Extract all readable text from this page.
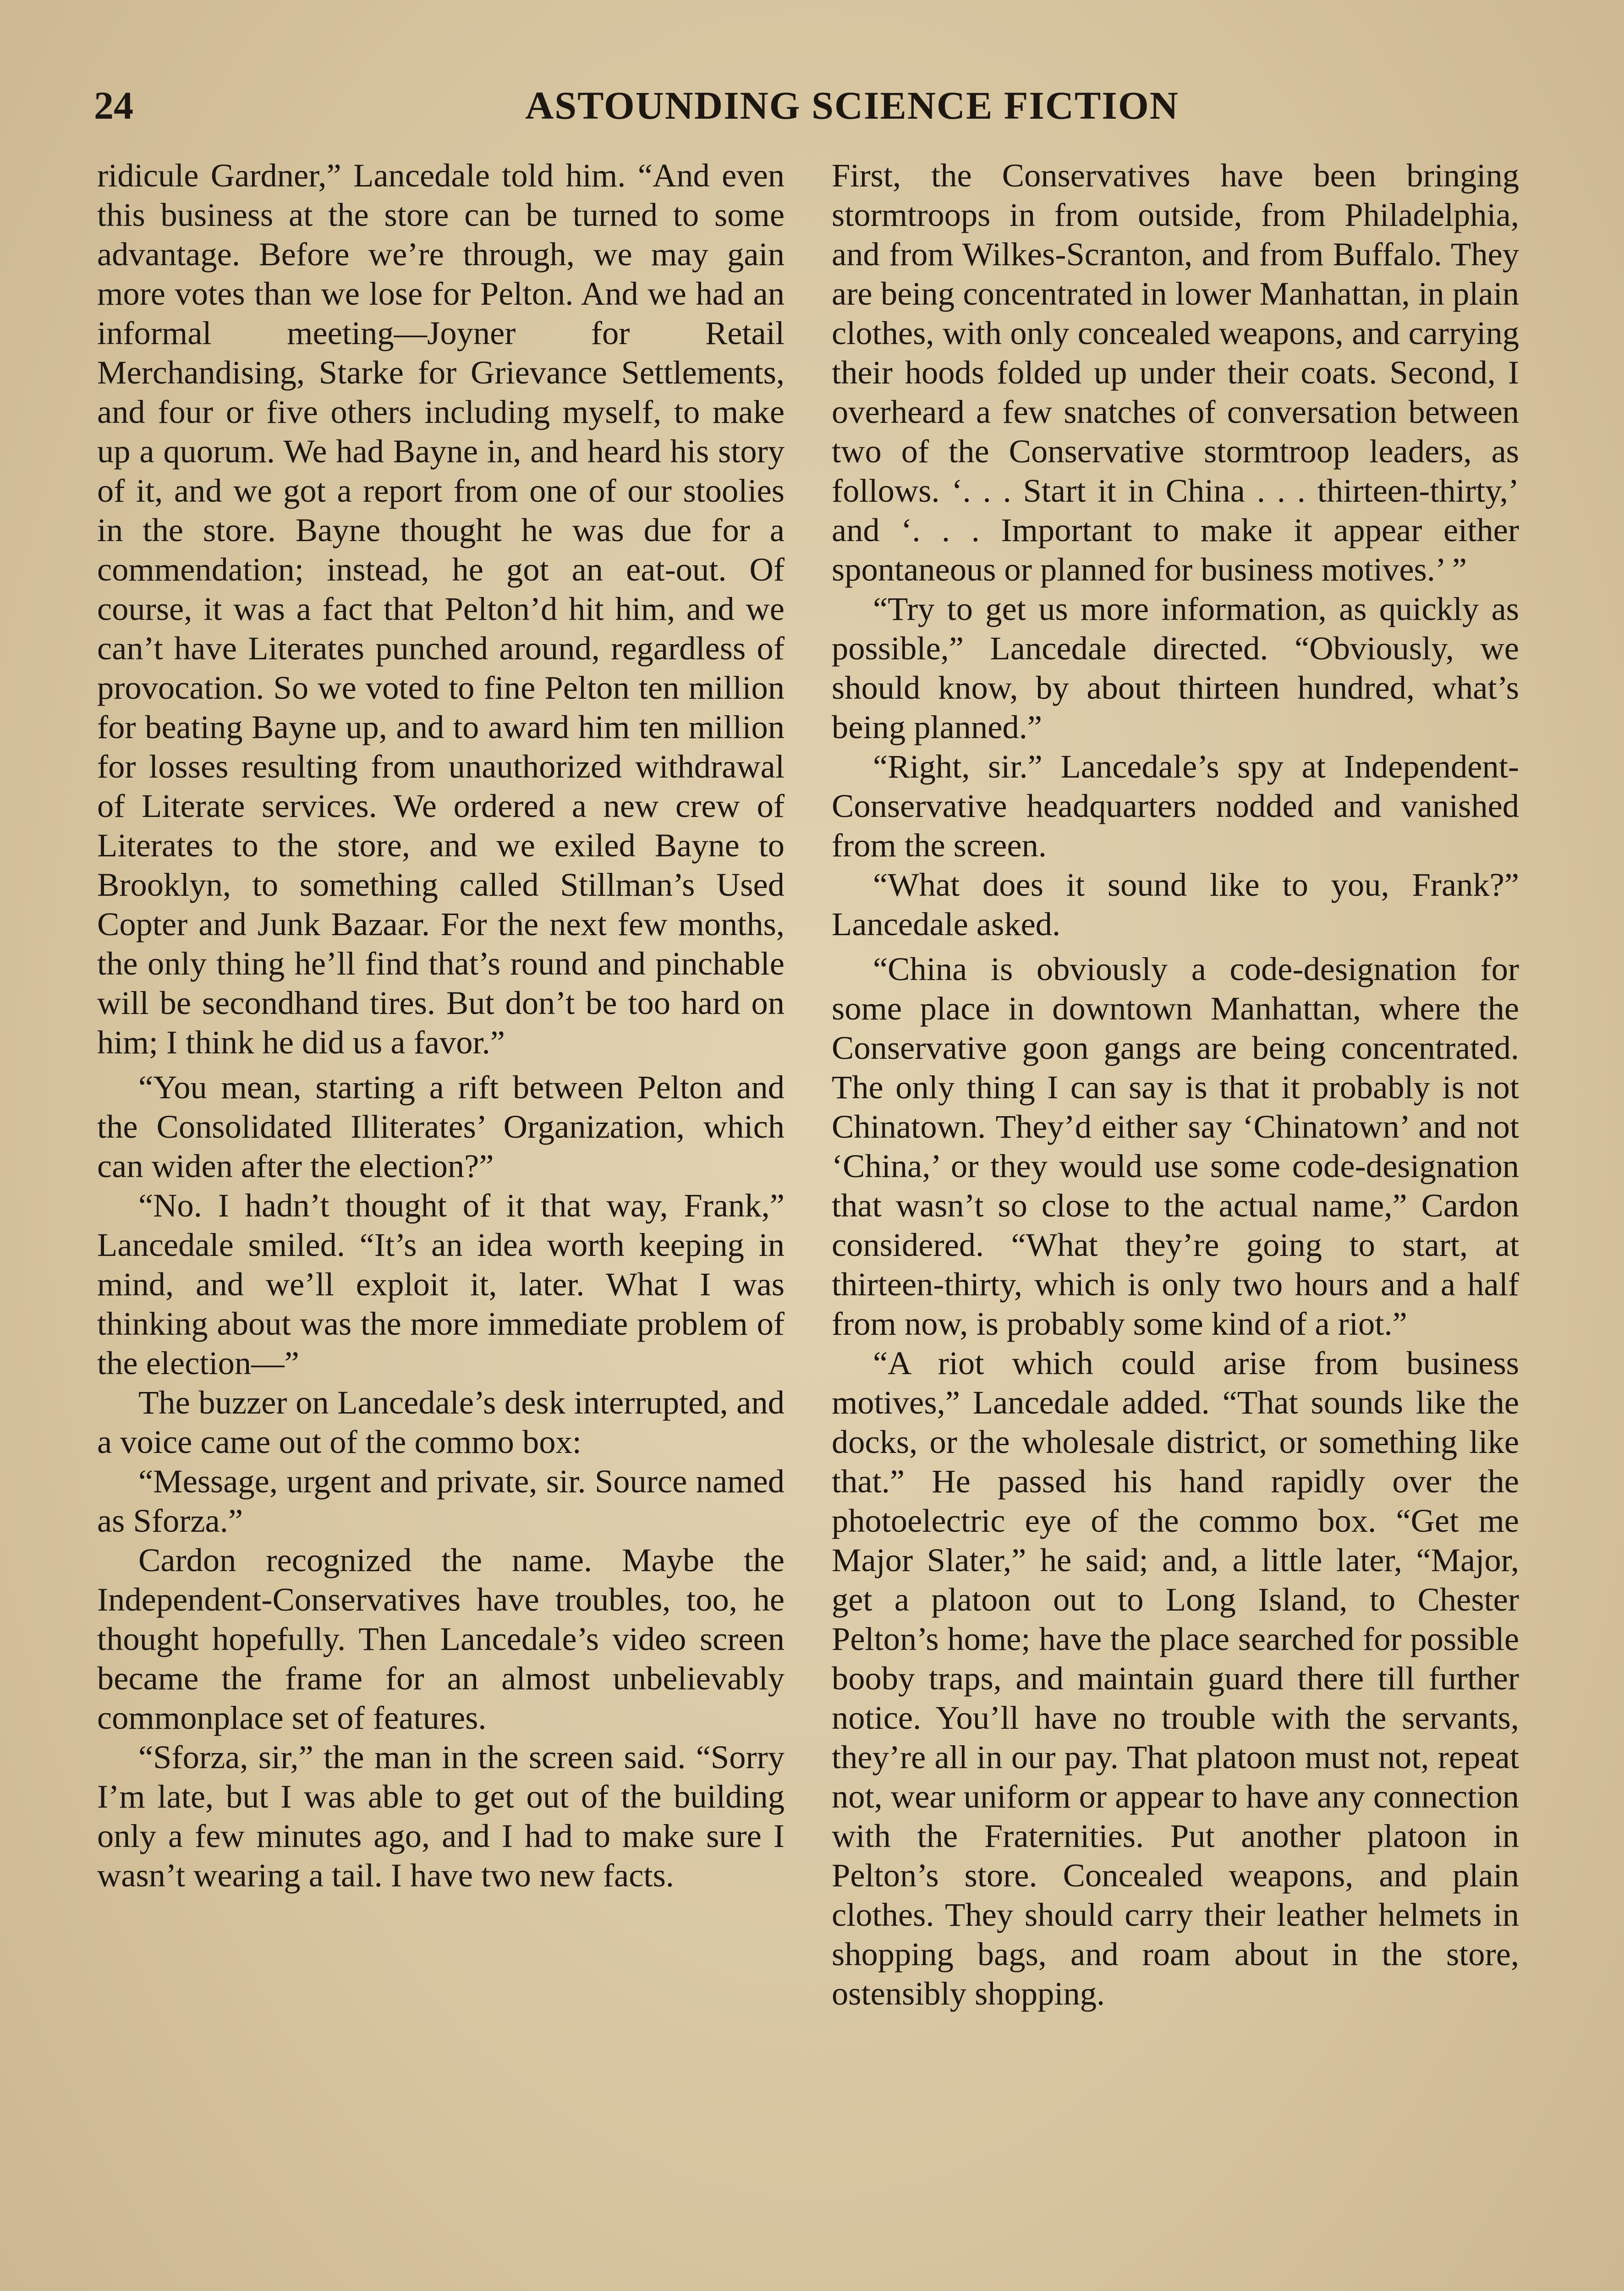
24	ASTOUNDING SCIENCE FICTION

ridicule Gardner,” Lancedale told him. “And even this business at the store can be turned to some advantage. Before we’re through, we may gain more votes than we lose for Pelton. And we had an informal meeting—Joyner for Retail Merchandising, Starke for Grievance Settlements, and four or five others including myself, to make up a quorum. We had Bayne in, and heard his story of it, and we got a report from one of our stoolies in the store. Bayne thought he was due for a commendation; instead, he got an eat-out. Of course, it was a fact that Pelton’d hit him, and we can’t have Literates punched around, regardless of provocation. So we voted to fine Pelton ten million for beating Bayne up, and to award him ten million for losses resulting from unauthorized withdrawal of Literate services. We ordered a new crew of Literates to the store, and we exiled Bayne to Brooklyn, to something called Stillman’s Used Copter and Junk Bazaar. For the next few months, the only thing he’ll find that’s round and pinchable will be secondhand tires. But don’t be too hard on him; I think he did us a favor.”

“You mean, starting a rift between Pelton and the Consolidated Illiterates’ Organization, which can widen after the election?”

“No. I hadn’t thought of it that way, Frank,” Lancedale smiled. “It’s an idea worth keeping in mind, and we’ll exploit it, later. What I was thinking about was the more immediate problem of the election—”

The buzzer on Lancedale’s desk interrupted, and a voice came out of the commo box:

“Message, urgent and private, sir. Source named as Sforza.”

Cardon recognized the name. Maybe the Independent-Conservatives have troubles, too, he thought hopefully. Then Lancedale’s video screen became the frame for an almost unbelievably commonplace set of features.

“Sforza, sir,” the man in the screen said. “Sorry I’m late, but I was able to get out of the building only a few minutes ago, and I had to make sure I wasn’t wearing a tail. I have two new facts.

First, the Conservatives have been bringing stormtroops in from outside, from Philadelphia, and from Wilkes-Scranton, and from Buffalo. They are being concentrated in lower Manhattan, in plain clothes, with only concealed weapons, and carrying their hoods folded up under their coats. Second, I overheard a few snatches of conversation between two of the Conservative stormtroop leaders, as follows. ‘. . . Start it in China . . . thirteen-thirty,’ and ‘. . . Important to make it appear either spontaneous or planned for business motives.’ ”

“Try to get us more information, as quickly as possible,” Lancedale directed. “Obviously, we should know, by about thirteen hundred, what’s being planned.”

“Right, sir.” Lancedale’s spy at Independent-Conservative headquarters nodded and vanished from the screen.

“What does it sound like to you, Frank?” Lancedale asked.

“China is obviously a code-designation for some place in downtown Manhattan, where the Conservative goon gangs are being concentrated. The only thing I can say is that it probably is not Chinatown. They’d either say ‘Chinatown’ and not ‘China,’ or they would use some code-designation that wasn’t so close to the actual name,” Cardon considered. “What they’re going to start, at thirteen-thirty, which is only two hours and a half from now, is probably some kind of a riot.”

“A riot which could arise from business motives,” Lancedale added. “That sounds like the docks, or the wholesale district, or something like that.” He passed his hand rapidly over the photoelectric eye of the commo box. “Get me Major Slater,” he said; and, a little later, “Major, get a platoon out to Long Island, to Chester Pelton’s home; have the place searched for possible booby traps, and maintain guard there till further notice. You’ll have no trouble with the servants, they’re all in our pay. That platoon must not, repeat not, wear uniform or appear to have any connection with the Fraternities. Put another platoon in Pelton’s store. Concealed weapons, and plain clothes. They should carry their leather helmets in shopping bags, and roam about in the store, ostensibly shopping.
